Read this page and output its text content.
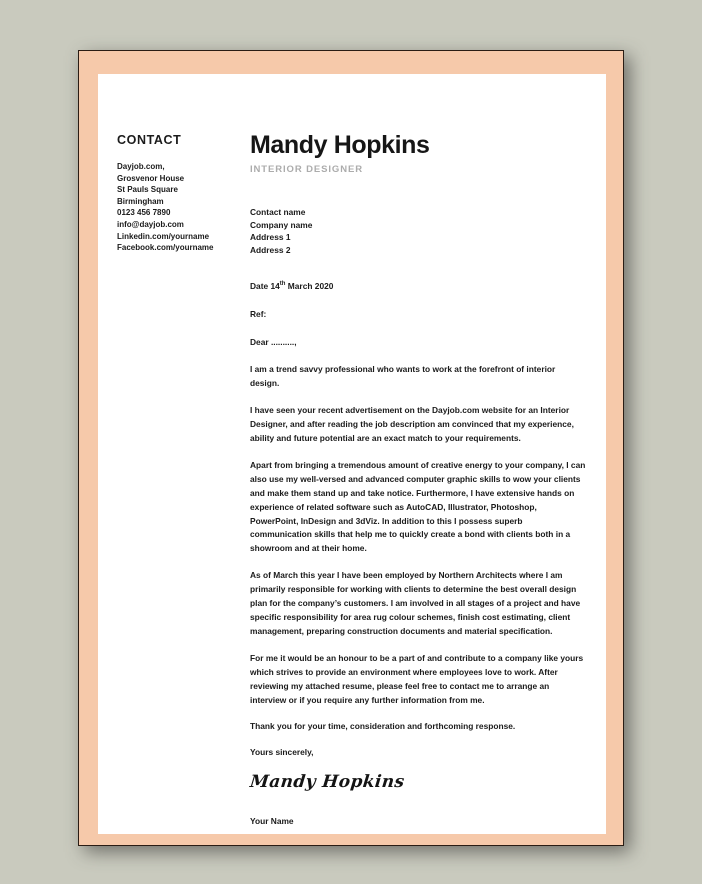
CONTACT
Dayjob.com,
Grosvenor House
St Pauls Square
Birmingham
0123 456 7890
info@dayjob.com
Linkedin.com/yourname
Facebook.com/yourname
Mandy Hopkins
INTERIOR DESIGNER
Contact name
Company name
Address 1
Address 2
Date 14th March 2020
Ref:
Dear ..........,

I am a trend savvy professional who wants to work at the forefront of interior design.

I have seen your recent advertisement on the Dayjob.com website for an Interior Designer, and after reading the job description am convinced that my experience, ability and future potential are an exact match to your requirements.

Apart from bringing a tremendous amount of creative energy to your company, I can also use my well-versed and advanced computer graphic skills to wow your clients and make them stand up and take notice. Furthermore, I have extensive hands on experience of related software such as AutoCAD, Illustrator, Photoshop, PowerPoint, InDesign and 3dViz. In addition to this I possess superb communication skills that help me to quickly create a bond with clients both in a showroom and at their home.

As of March this year I have been employed by Northern Architects where I am primarily responsible for working with clients to determine the best overall design plan for the company’s customers. I am involved in all stages of a project and have specific responsibility for area rug colour schemes, finish cost estimating, client management, preparing construction documents and material specification.

For me it would be an honour to be a part of and contribute to a company like yours which strives to provide an environment where employees love to work. After reviewing my attached resume, please feel free to contact me to arrange an interview or if you require any further information from me.

Thank you for your time, consideration and forthcoming response.

Yours sincerely,
Mandy Hopkins
Your Name
